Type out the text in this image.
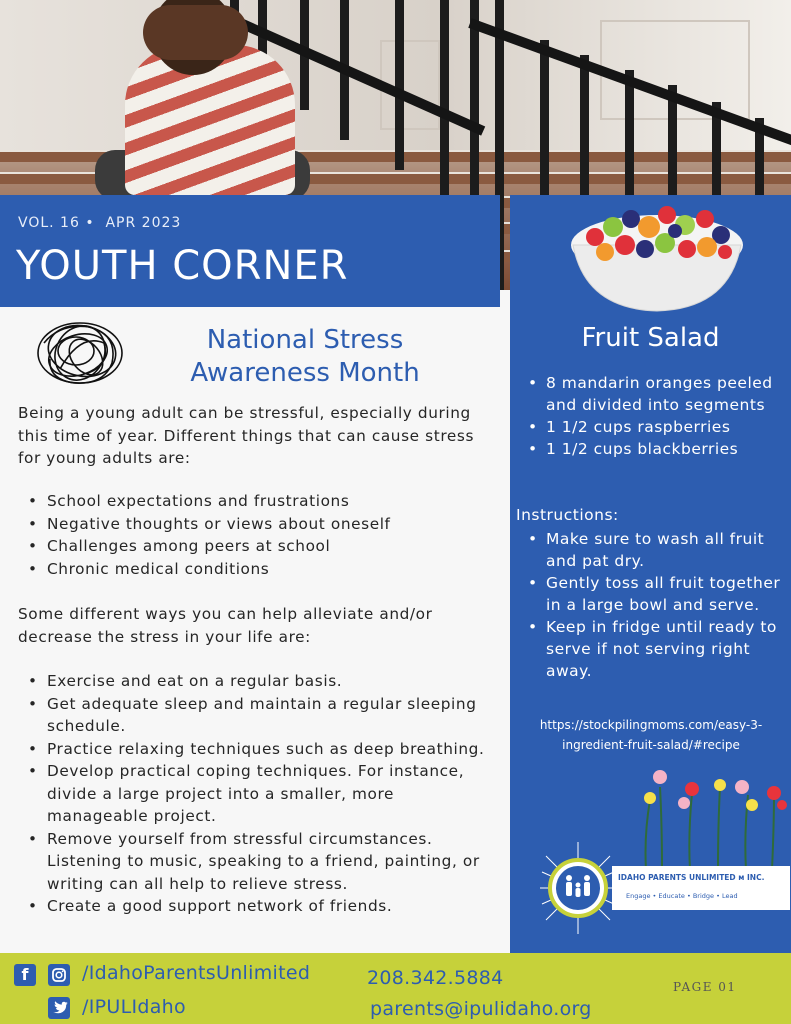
VOL. 16 •  APR 2023
YOUTH CORNER
Fruit Salad
• 8 mandarin oranges peeled and divided into segments
• 1 1/2 cups raspberries
• 1 1/2 cups blackberries
Instructions:
• Make sure to wash all fruit and pat dry.
• Gently toss all fruit together in a large bowl and serve.
• Keep in fridge until ready to serve if not serving right away.
https://stockpilingmoms.com/easy-3-ingredient-fruit-salad/#recipe
IDAHO PARENTS UNLIMITED ᴍ INC.
Engage • Educate • Bridge • Lead
National Stress Awareness Month

Being a young adult can be stressful, especially during this time of year. Different things that can cause stress for young adults are:

• School expectations and frustrations
• Negative thoughts or views about oneself
• Challenges among peers at school
• Chronic medical conditions

Some different ways you can help alleviate and/or decrease the stress in your life are:

• Exercise and eat on a regular basis.
• Get adequate sleep and maintain a regular sleeping schedule.
• Practice relaxing techniques such as deep breathing.
• Develop practical coping techniques. For instance, divide a large project into a smaller, more manageable project.
• Remove yourself from stressful circumstances. Listening to music, speaking to a friend, painting, or writing can all help to relieve stress.
• Create a good support network of friends.
f	/IdahoParentsUnlimited
/IPULIdaho
208.342.5884
parents@ipulidaho.org
PAGE 01
